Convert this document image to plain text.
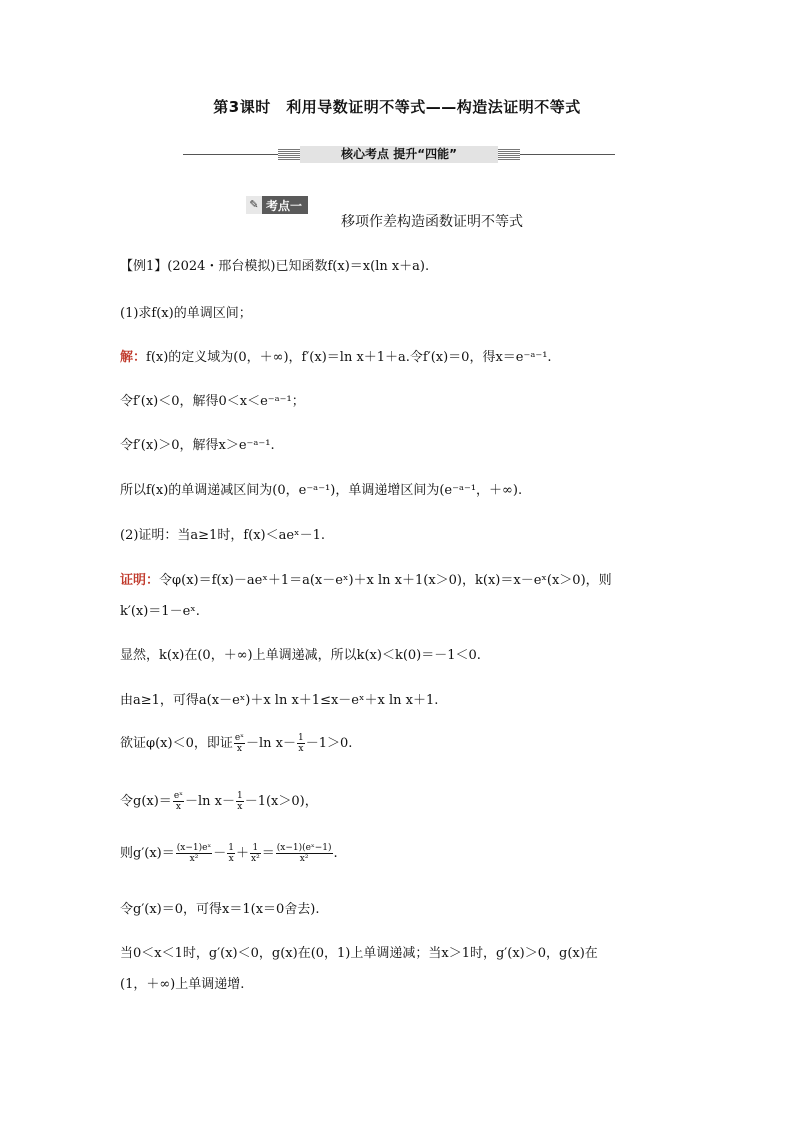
第3课时　利用导数证明不等式——构造法证明不等式
核心考点 提升“四能”
✎ 考点一
移项作差构造函数证明不等式
【例1】(2024・邢台模拟)已知函数f(x)＝x(ln x＋a).
(1)求f(x)的单调区间；
解：f(x)的定义域为(0，＋∞)，f′(x)＝ln x＋1＋a.令f′(x)＝0，得x＝e⁻ᵃ⁻¹.
令f′(x)＜0，解得0＜x＜e⁻ᵃ⁻¹；
令f′(x)＞0，解得x＞e⁻ᵃ⁻¹.
所以f(x)的单调递减区间为(0，e⁻ᵃ⁻¹)，单调递增区间为(e⁻ᵃ⁻¹，＋∞).
(2)证明：当a≥1时，f(x)＜aeˣ－1.
证明：令φ(x)＝f(x)－aeˣ＋1＝a(x－eˣ)＋x ln x＋1(x＞0)，k(x)＝x－eˣ(x＞0)，则
k′(x)＝1－eˣ.
显然，k(x)在(0，＋∞)上单调递减，所以k(x)＜k(0)＝－1＜0.
由a≥1，可得a(x－eˣ)＋x ln x＋1≤x－eˣ＋x ln x＋1.
欲证φ(x)＜0，即证 $\frac{\text{eˣ}}{x} -\ln$ $x- \frac{1}{x} -1>0$.
令$g(x)= \frac{\text{eˣ}}{x} -\ln$ $x- \frac{1}{x} -1(x>0)$，
则$g'(x)= \frac{\text{(x−1)eˣ}}{\text{x²}} - \frac{1}{x} + \frac{1}{\text{x²}} = \frac{\text{(x−1)(eˣ−1)}}{\text{x²}}$ .
令g′(x)＝0，可得x＝1(x＝0舍去).
当0＜x＜1时，g′(x)＜0，g(x)在(0，1)上单调递减；当x＞1时，g′(x)＞0，g(x)在
(1，＋∞)上单调递增.
